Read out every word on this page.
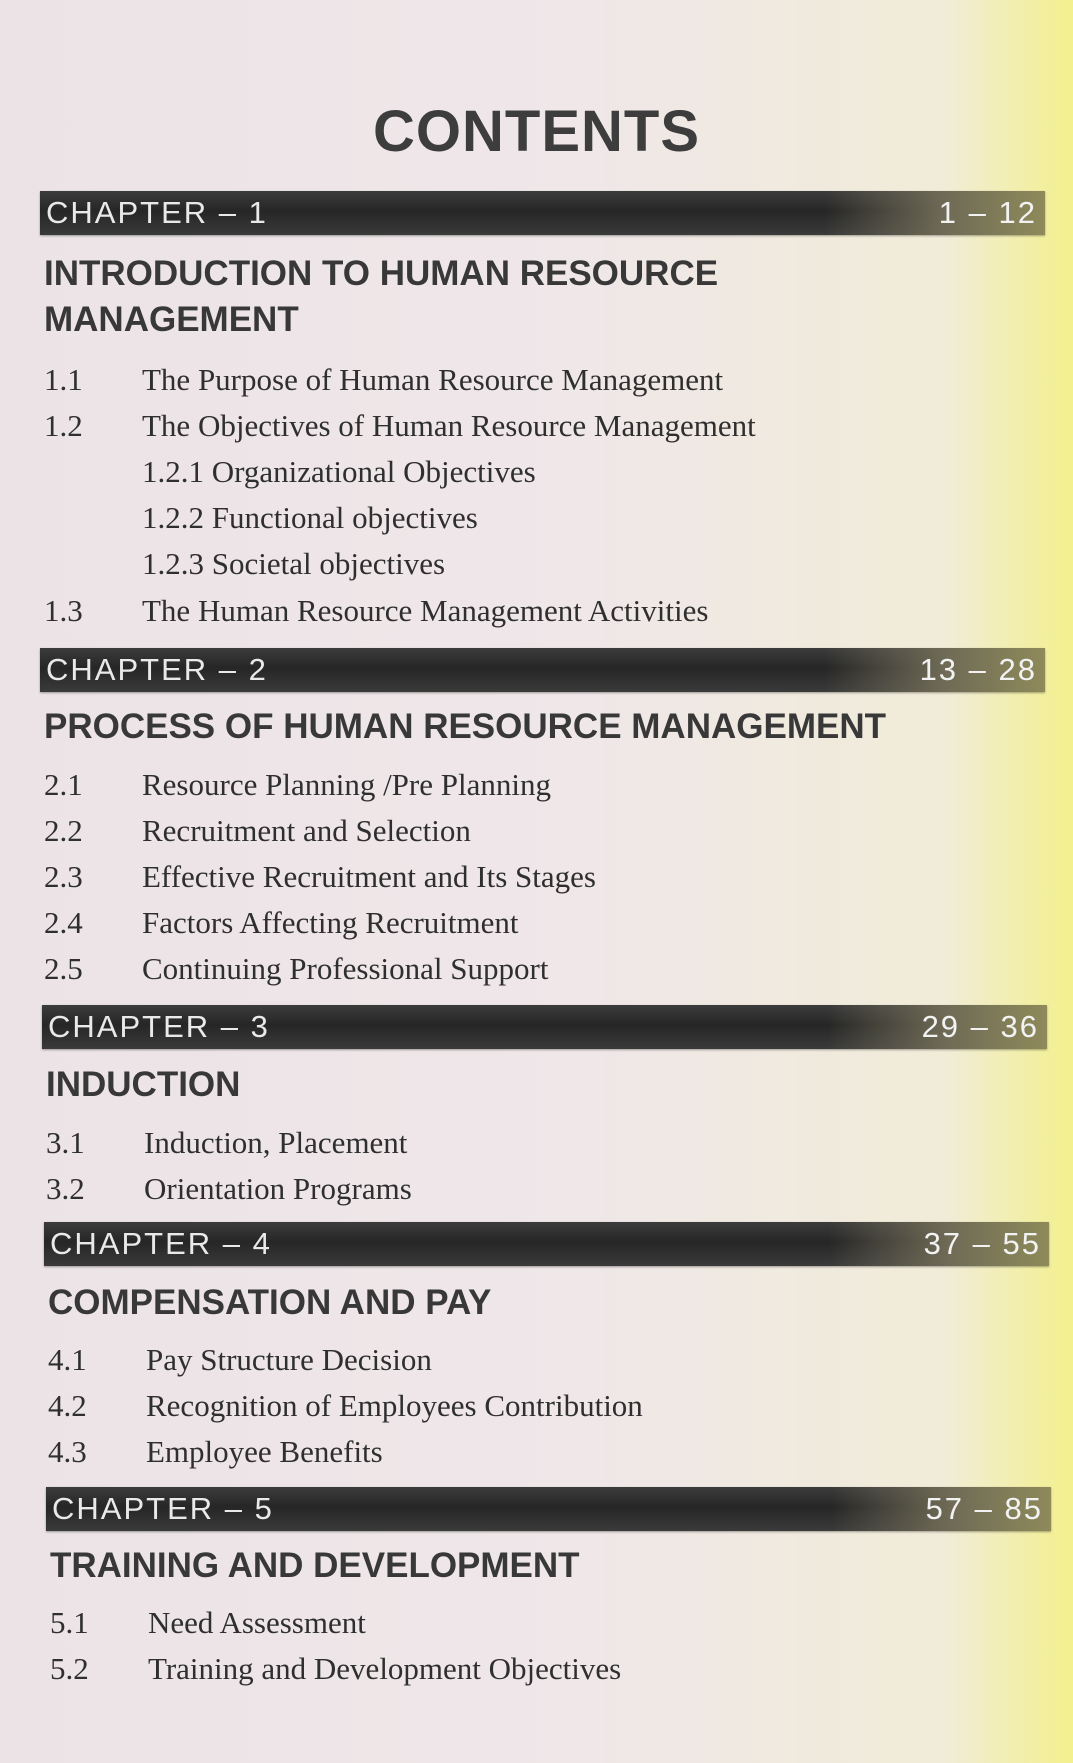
CONTENTS
CHAPTER – 1	1 – 12
INTRODUCTION TO HUMAN RESOURCE
MANAGEMENT
1.1 The Purpose of Human Resource Management
1.2 The Objectives of Human Resource Management
1.2.1 Organizational Objectives
1.2.2 Functional objectives
1.2.3 Societal objectives
1.3 The Human Resource Management Activities
CHAPTER – 2	13 – 28
PROCESS OF HUMAN RESOURCE MANAGEMENT
2.1 Resource Planning /Pre Planning
2.2 Recruitment and Selection
2.3 Effective Recruitment and Its Stages
2.4 Factors Affecting Recruitment
2.5 Continuing Professional Support
CHAPTER – 3	29 – 36
INDUCTION
3.1 Induction, Placement
3.2 Orientation Programs
CHAPTER – 4	37 – 55
COMPENSATION AND PAY
4.1 Pay Structure Decision
4.2 Recognition of Employees Contribution
4.3 Employee Benefits
CHAPTER – 5	57 – 85
TRAINING AND DEVELOPMENT
5.1 Need Assessment
5.2 Training and Development Objectives
